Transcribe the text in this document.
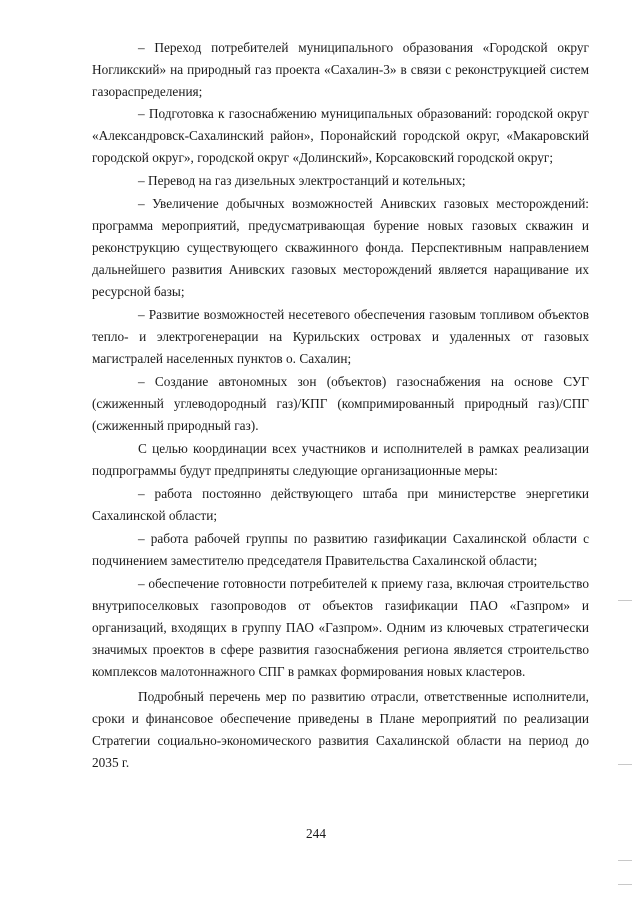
– Переход потребителей муниципального образования «Городской округ Ногликский» на природный газ проекта «Сахалин-3» в связи с реконструкцией систем газораспределения;

– Подготовка к газоснабжению муниципальных образований: городской округ «Александровск-Сахалинский район», Поронайский городской округ, «Макаровский городской округ», городской округ «Долинский», Корсаковский городской округ;

– Перевод на газ дизельных электростанций и котельных;

– Увеличение добычных возможностей Анивских газовых месторождений: программа мероприятий, предусматривающая бурение новых газовых скважин и реконструкцию существующего скважинного фонда. Перспективным направлением дальнейшего развития Анивских газовых месторождений является наращивание их ресурсной базы;

– Развитие возможностей несетевого обеспечения газовым топливом объектов тепло- и электрогенерации на Курильских островах и удаленных от газовых магистралей населенных пунктов о. Сахалин;

– Создание автономных зон (объектов) газоснабжения на основе СУГ (сжиженный углеводородный газ)/КПГ (компримированный природный газ)/СПГ (сжиженный природный газ).

С целью координации всех участников и исполнителей в рамках реализации подпрограммы будут предприняты следующие организационные меры:

– работа постоянно действующего штаба при министерстве энергетики Сахалинской области;

– работа рабочей группы по развитию газификации Сахалинской области с подчинением заместителю председателя Правительства Сахалинской области;

– обеспечение готовности потребителей к приему газа, включая строительство внутрипоселковых газопроводов от объектов газификации ПАО «Газпром» и организаций, входящих в группу ПАО «Газпром». Одним из ключевых стратегически значимых проектов в сфере развития газоснабжения региона является строительство комплексов малотоннажного СПГ в рамках формирования новых кластеров.

Подробный перечень мер по развитию отрасли, ответственные исполнители, сроки и финансовое обеспечение приведены в Плане мероприятий по реализации Стратегии социально-экономического развития Сахалинской области на период до 2035 г.

244
